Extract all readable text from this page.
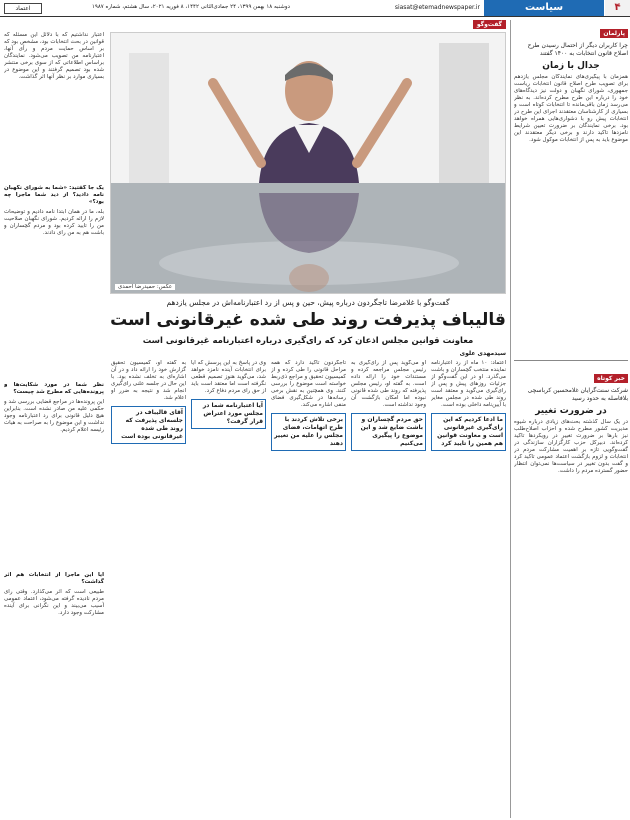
۴
سیاست
siasat@etemadnewspaper.ir
دوشنبه ۱۸ بهمن ۱۳۹۹، ۲۴ جمادی‌الثانی ۱۴۴۲، ۸ فوریه ۲۰۲۱، سال هشتم، شماره ۱۹۸۷
اعتماد
پارلمان
چرا کاربران دیگر از احتمال رسیدن طرح اصلاح قانون انتخابات به ۱۴۰۰ گفتند
جدال با زمان
همزمان با پیگیری‌های نمایندگان مجلس یازدهم برای تصویب طرح اصلاح قانون انتخابات ریاست جمهوری، شورای نگهبان و دولت نیز دیدگاه‌های خود را درباره این طرح مطرح کرده‌اند. به نظر می‌رسد زمان باقی‌مانده تا انتخابات کوتاه است و بسیاری از کارشناسان معتقدند اجرای این طرح در انتخابات پیش رو با دشواری‌هایی همراه خواهد بود. برخی نمایندگان بر ضرورت تعیین شرایط نامزدها تاکید دارند و برخی دیگر معتقدند این موضوع باید به پس از انتخابات موکول شود.
خبر کوتاه
شرکت سنت‌گرایان غلامحسین کرباسچی بلافاصله به حدود رسید
در ضرورت تغییر
در یک سال گذشته بحث‌های زیادی درباره شیوه مدیریت کشور مطرح شده و احزاب اصلاح‌طلب نیز بارها بر ضرورت تغییر در رویکردها تاکید کرده‌اند. دبیرکل حزب کارگزاران سازندگی در گفت‌وگویی تازه بر اهمیت مشارکت مردم در انتخابات و لزوم بازگشت اعتماد عمومی تاکید کرد و گفت بدون تغییر در سیاست‌ها نمی‌توان انتظار حضور گسترده مردم را داشت.
گفت‌وگو
عکس: حمیدرضا احمدی
گفت‌و‌گو با غلامرضا تاجگردون درباره پیش، حین و پس از رد اعتبارنامه‌اش در مجلس یازدهم
قالیباف پذیرفت روند طی شده غیرقانونی است
معاونت قوانین مجلس اذعان کرد که رای‌گیری درباره اعتبارنامه غیرقانونی است
سیدمهدی علوی
اعتبار نداشتیم که با دلائل این مسئله که قوانین در بحث انتخابات بود، مشخص بود که بر اساس حمایت مردم و رأی آنها، اعتبارنامه من تصویب می‌شود. نمایندگان براساس اطلاعاتی که از سوی برخی منتشر شده بود تصمیم گرفتند و این موضوع در بسیاری موارد بر نظر آنها اثر گذاشت.
یک جا گفتید: «شما به شورای نگهبان نامه دادید؟ از دید شما ماجرا چه بود؟»
بله، ما در همان ابتدا نامه دادیم و توضیحات لازم را ارائه کردیم. شورای نگهبان صلاحیت من را تایید کرده بود و مردم گچساران و باشت هم به من رای دادند.
نظر شما در مورد شکایت‌ها و پرونده‌هایی که مطرح شد چیست؟
این پرونده‌ها در مراجع قضایی بررسی شد و حکمی علیه من صادر نشده است. بنابراین هیچ دلیل قانونی برای رد اعتبارنامه وجود نداشت و این موضوع را به صراحت به هیات رئیسه اعلام کردیم.
آیا این ماجرا از انتخابات هم اثر گذاشت؟
طبیعی است که اثر می‌گذارد. وقتی رای مردم نادیده گرفته می‌شود، اعتماد عمومی آسیب می‌بیند و این نگرانی برای آینده مشارکت وجود دارد.
اعتماد: ۱۰ ماه از رد اعتبارنامه نماینده منتخب گچساران و باشت می‌گذرد. او در این گفت‌وگو از جزئیات روزهای پیش و پس از رای‌گیری می‌گوید و معتقد است روند طی شده در مجلس مغایر با آیین‌نامه داخلی بوده است.
ما ادعا کردیم که این رای‌گیری غیرقانونی است و معاونت قوانین هم همین را تایید کرد
او می‌گوید پس از رای‌گیری به رئیس مجلس مراجعه کرده و مستندات خود را ارائه داده است. به گفته او، رئیس مجلس پذیرفته که روند طی شده قانونی نبوده اما امکان بازگشت آن وجود نداشته است.
حق مردم گچساران و باشت ضایع شد و این موضوع را پیگیری می‌کنیم
تاجگردون تاکید دارد که همه مراحل قانونی را طی کرده و از کمیسیون تحقیق و مراجع ذی‌ربط خواسته است موضوع را بررسی کنند. وی همچنین به نقش برخی رسانه‌ها در شکل‌گیری فضای منفی اشاره می‌کند.
برخی تلاش کردند با طرح اتهامات، فضای مجلس را علیه من تغییر دهند
وی در پاسخ به این پرسش که آیا برای انتخابات آینده نامزد خواهد شد، می‌گوید هنوز تصمیم قطعی نگرفته است اما معتقد است باید از حق رای مردم دفاع کرد.
آیا اعتبارنامه شما در مجلس مورد اعتراض قرار گرفت؟
به گفته او، کمیسیون تحقیق گزارش خود را ارائه داد و در آن اشاره‌ای به تخلف نشده بود. با این حال در جلسه علنی رای‌گیری انجام شد و نتیجه به ضرر او اعلام شد.
آقای قالیباف در جلسه‌ای پذیرفت که روند طی شده غیرقانونی بوده است
